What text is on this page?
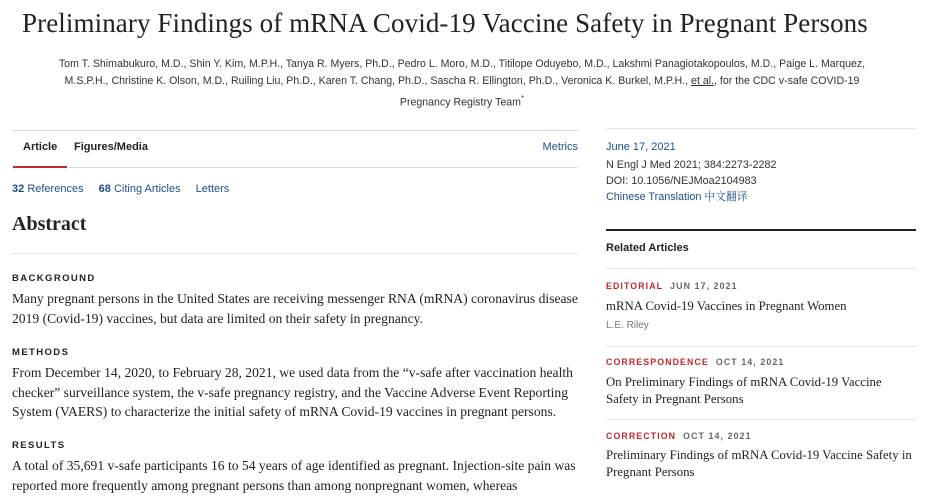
Preliminary Findings of mRNA Covid-19 Vaccine Safety in Pregnant Persons
Tom T. Shimabukuro, M.D., Shin Y. Kim, M.P.H., Tanya R. Myers, Ph.D., Pedro L. Moro, M.D., Titilope Oduyebo, M.D., Lakshmi Panagiotakopoulos, M.D., Paige L. Marquez,
M.S.P.H., Christine K. Olson, M.D., Ruiling Liu, Ph.D., Karen T. Chang, Ph.D., Sascha R. Ellington, Ph.D., Veronica K. Burkel, M.P.H., et al., for the CDC v-safe COVID-19
Pregnancy Registry Team*
Article Figures/Media	Metrics
32 References 68 Citing Articles Letters
Abstract
BACKGROUND

Many pregnant persons in the United States are receiving messenger RNA (mRNA) coronavirus disease 2019 (Covid-19) vaccines, but data are limited on their safety in pregnancy.

METHODS

From December 14, 2020, to February 28, 2021, we used data from the “v-safe after vaccination health checker” surveillance system, the v-safe pregnancy registry, and the Vaccine Adverse Event Reporting System (VAERS) to characterize the initial safety of mRNA Covid-19 vaccines in pregnant persons.

RESULTS

A total of 35,691 v-safe participants 16 to 54 years of age identified as pregnant. Injection-site pain was reported more frequently among pregnant persons than among nonpregnant women, whereas

June 17, 2021
N Engl J Med 2021; 384:2273-2282
DOI: 10.1056/NEJMoa2104983
Chinese Translation 中文翻译
Related Articles
EDITORIAL JUN 17, 2021
mRNA Covid-19 Vaccines in Pregnant Women
L.E. Riley
CORRESPONDENCE OCT 14, 2021
On Preliminary Findings of mRNA Covid-19 Vaccine Safety in Pregnant Persons
CORRECTION OCT 14, 2021
Preliminary Findings of mRNA Covid-19 Vaccine Safety in Pregnant Persons
